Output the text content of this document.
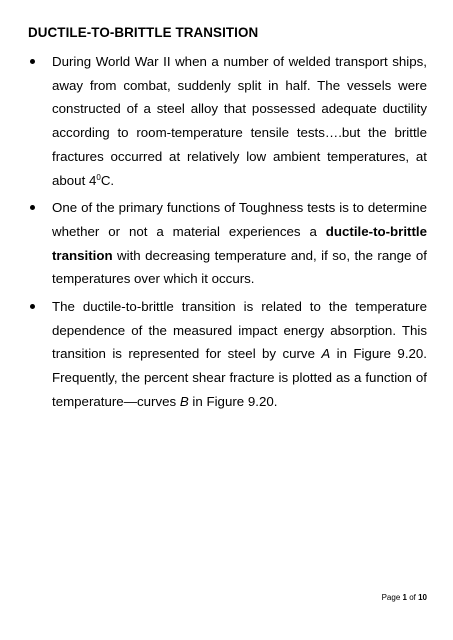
DUCTILE-TO-BRITTLE TRANSITION
During World War II when a number of welded transport ships, away from combat, suddenly split in half. The vessels were constructed of a steel alloy that possessed adequate ductility according to room-temperature tensile tests….but the brittle fractures occurred at relatively low ambient temperatures, at about $4^0C$.
One of the primary functions of Toughness tests is to determine whether or not a material experiences a ductile-to-brittle transition with decreasing temperature and, if so, the range of temperatures over which it occurs.
The ductile-to-brittle transition is related to the temperature dependence of the measured impact energy absorption. This transition is represented for steel by curve A in Figure 9.20. Frequently, the percent shear fracture is plotted as a function of temperature—curves B in Figure 9.20.
Page 1 of 10
